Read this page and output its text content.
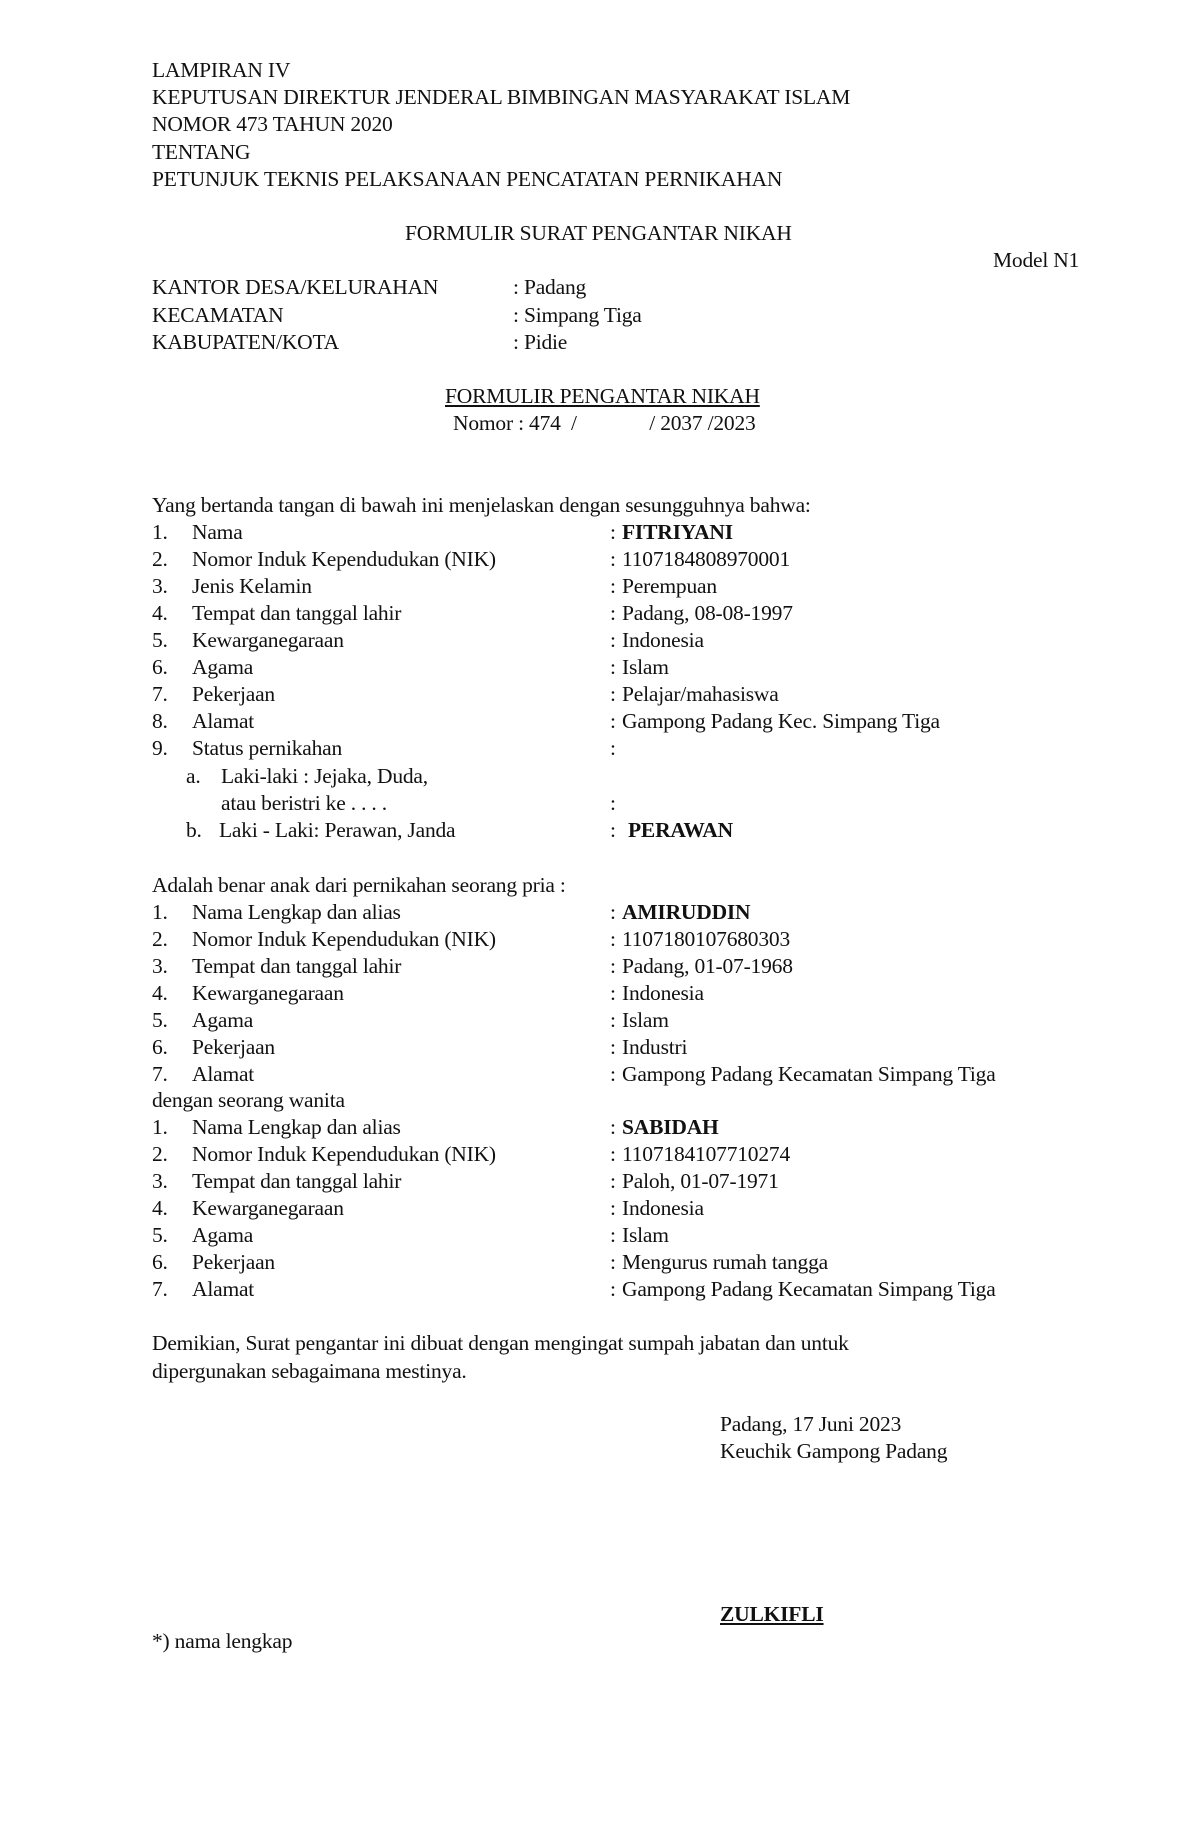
LAMPIRAN IV
KEPUTUSAN DIREKTUR JENDERAL BIMBINGAN MASYARAKAT ISLAM
NOMOR 473 TAHUN 2020
TENTANG
PETUNJUK TEKNIS PELAKSANAAN PENCATATAN PERNIKAHAN
FORMULIR SURAT PENGANTAR NIKAH
Model N1
KANTOR DESA/KELURAHAN	: Padang
KECAMATAN	: Simpang Tiga
KABUPATEN/KOTA	: Pidie
FORMULIR PENGANTAR NIKAH
Nomor : 474  /              / 2037 /2023
Yang bertanda tangan di bawah ini menjelaskan dengan sesungguhnya bahwa:
1. Nama	: FITRIYANI
2. Nomor Induk Kependudukan (NIK)	: 1107184808970001
3. Jenis Kelamin	: Perempuan
4. Tempat dan tanggal lahir	: Padang, 08-08-1997
5. Kewarganegaraan	: Indonesia
6. Agama	: Islam
7. Pekerjaan	: Pelajar/mahasiswa
8. Alamat	: Gampong Padang Kec. Simpang Tiga
9. Status pernikahan	:
a. Laki-laki : Jejaka, Duda,
atau beristri ke . . . .	:
b. Laki - Laki: Perawan, Janda	: PERAWAN
Adalah benar anak dari pernikahan seorang pria :
1. Nama Lengkap dan alias	: AMIRUDDIN
2. Nomor Induk Kependudukan (NIK)	: 1107180107680303
3. Tempat dan tanggal lahir	: Padang, 01-07-1968
4. Kewarganegaraan	: Indonesia
5. Agama	: Islam
6. Pekerjaan	: Industri
7. Alamat	: Gampong Padang Kecamatan Simpang Tiga
dengan seorang wanita
1. Nama Lengkap dan alias	: SABIDAH
2. Nomor Induk Kependudukan (NIK)	: 1107184107710274
3. Tempat dan tanggal lahir	: Paloh, 01-07-1971
4. Kewarganegaraan	: Indonesia
5. Agama	: Islam
6. Pekerjaan	: Mengurus rumah tangga
7. Alamat	: Gampong Padang Kecamatan Simpang Tiga
Demikian, Surat pengantar ini dibuat dengan mengingat sumpah jabatan dan untuk
dipergunakan sebagaimana mestinya.
Padang, 17 Juni 2023
Keuchik Gampong Padang
ZULKIFLI
*) nama lengkap
